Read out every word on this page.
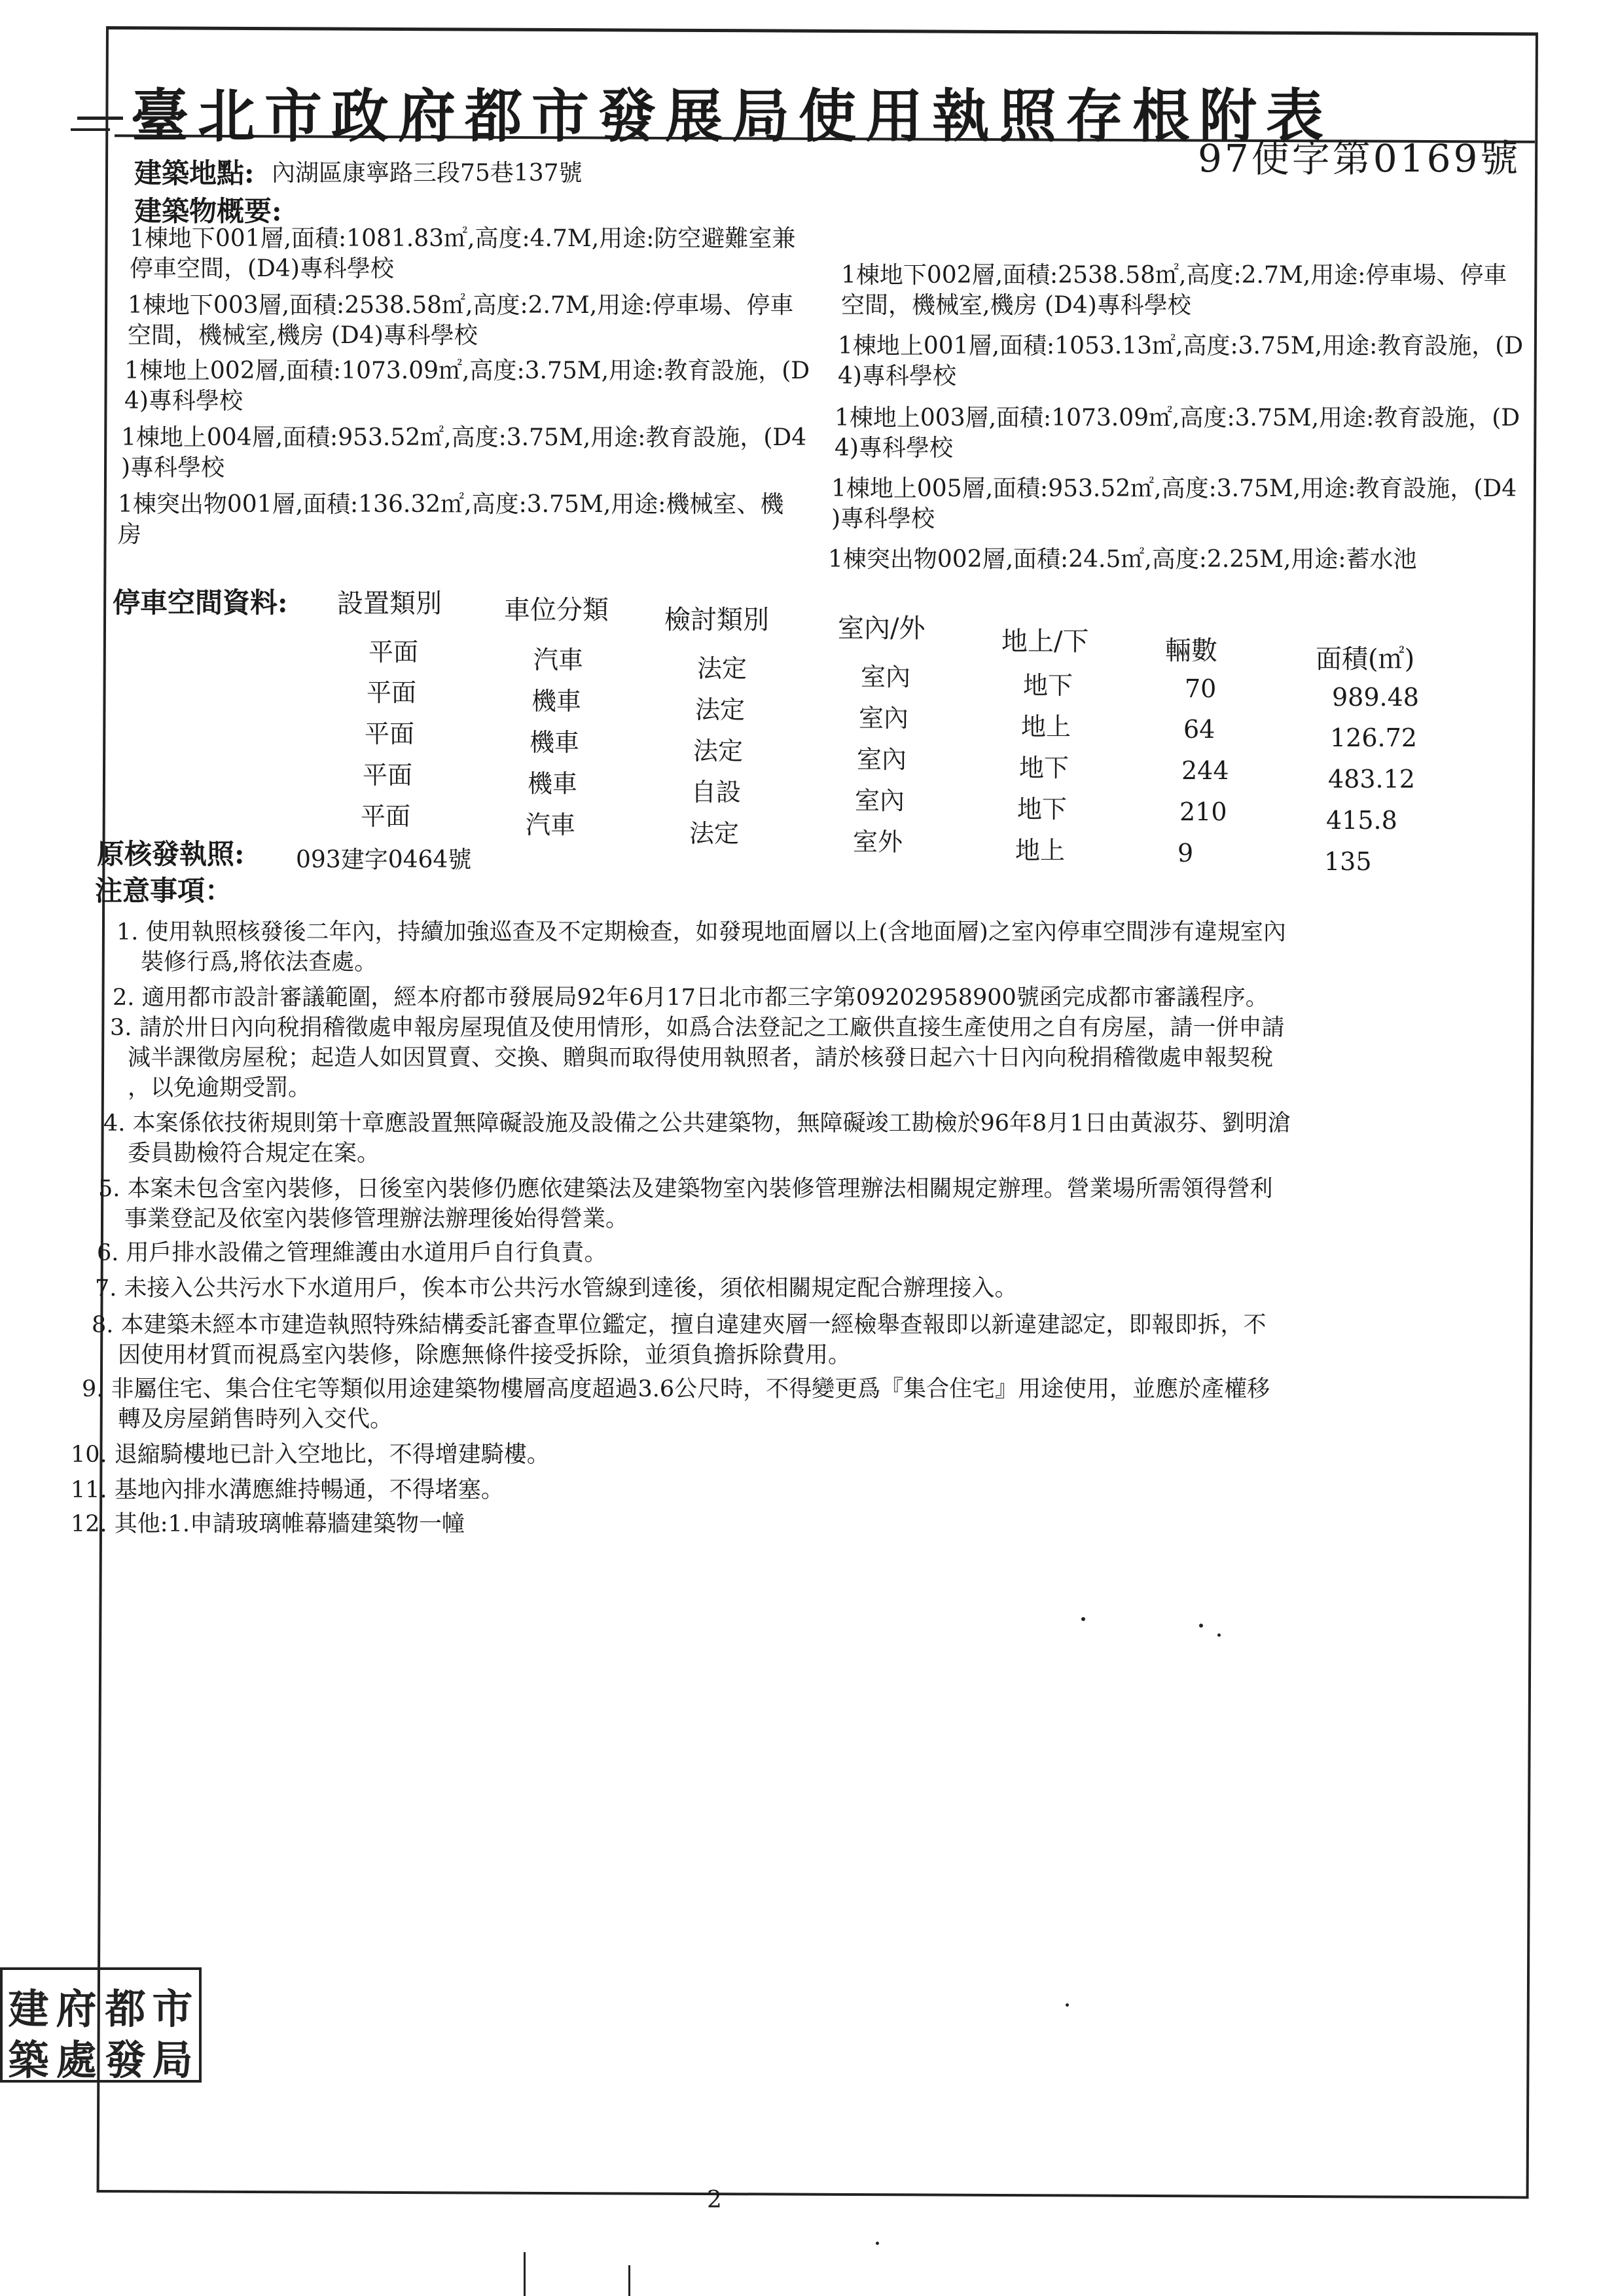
臺北市政府都市發展局使用執照存根附表
97使字第0169號
建築地點: 內湖區康寧路三段75巷137號
建築物概要:
1棟地下001層,面積:1081.83㎡,高度:4.7M,用途:防空避難室兼
停車空間，(D4)專科學校
1棟地下003層,面積:2538.58㎡,高度:2.7M,用途:停車場、停車
空間，機械室,機房 (D4)專科學校
1棟地上002層,面積:1073.09㎡,高度:3.75M,用途:教育設施，(D
4)專科學校
1棟地上004層,面積:953.52㎡,高度:3.75M,用途:教育設施，(D4
)專科學校
1棟突出物001層,面積:136.32㎡,高度:3.75M,用途:機械室、機
房
1棟地下002層,面積:2538.58㎡,高度:2.7M,用途:停車場、停車
空間，機械室,機房 (D4)專科學校
1棟地上001層,面積:1053.13㎡,高度:3.75M,用途:教育設施，(D
4)專科學校
1棟地上003層,面積:1073.09㎡,高度:3.75M,用途:教育設施，(D
4)專科學校
1棟地上005層,面積:953.52㎡,高度:3.75M,用途:教育設施，(D4
)專科學校
1棟突出物002層,面積:24.5㎡,高度:2.25M,用途:蓄水池
停車空間資料: 設置類別 車位分類 檢討類別	室內/外	地上/下	輛數	面積(㎡)
平面	汽車	法定	室內	地下	70	989.48
平面	機車	法定	室內	地上	64	126.72
平面	機車	法定	室內	地下	244	483.12
平面	機車	自設	室內	地下	210	415.8
平面	汽車	法定	室外	地上	9	135
原核發執照: 093建字0464號
注意事項：
1. 使用執照核發後二年內，持續加強巡查及不定期檢查，如發現地面層以上(含地面層)之室內停車空間涉有違規室內
裝修行爲,將依法查處。
2. 適用都市設計審議範圍，經本府都市發展局92年6月17日北市都三字第09202958900號函完成都市審議程序。
3. 請於卅日內向稅捐稽徵處申報房屋現值及使用情形，如爲合法登記之工廠供直接生產使用之自有房屋，請一併申請
減半課徵房屋稅；起造人如因買賣、交換、贈與而取得使用執照者，請於核發日起六十日內向稅捐稽徵處申報契稅
，以免逾期受罰。
4. 本案係依技術規則第十章應設置無障礙設施及設備之公共建築物，無障礙竣工勘檢於96年8月1日由黃淑芬、劉明滄
委員勘檢符合規定在案。
5. 本案未包含室內裝修，日後室內裝修仍應依建築法及建築物室內裝修管理辦法相關規定辦理。營業場所需領得營利
事業登記及依室內裝修管理辦法辦理後始得營業。
6. 用戶排水設備之管理維護由水道用戶自行負責。
7. 未接入公共污水下水道用戶，俟本市公共污水管線到達後，須依相關規定配合辦理接入。
8. 本建築未經本市建造執照特殊結構委託審查單位鑑定，擅自違建夾層一經檢舉查報即以新違建認定，即報即拆，不
因使用材質而視爲室內裝修，除應無條件接受拆除，並須負擔拆除費用。
9. 非屬住宅、集合住宅等類似用途建築物樓層高度超過3.6公尺時，不得變更爲『集合住宅』用途使用，並應於產權移
轉及房屋銷售時列入交代。
10. 退縮騎樓地已計入空地比，不得增建騎樓。
11. 基地內排水溝應維持暢通，不得堵塞。
12. 其他:1.申請玻璃帷幕牆建築物一幢
建
築
府
處
都
發
市
局
2
